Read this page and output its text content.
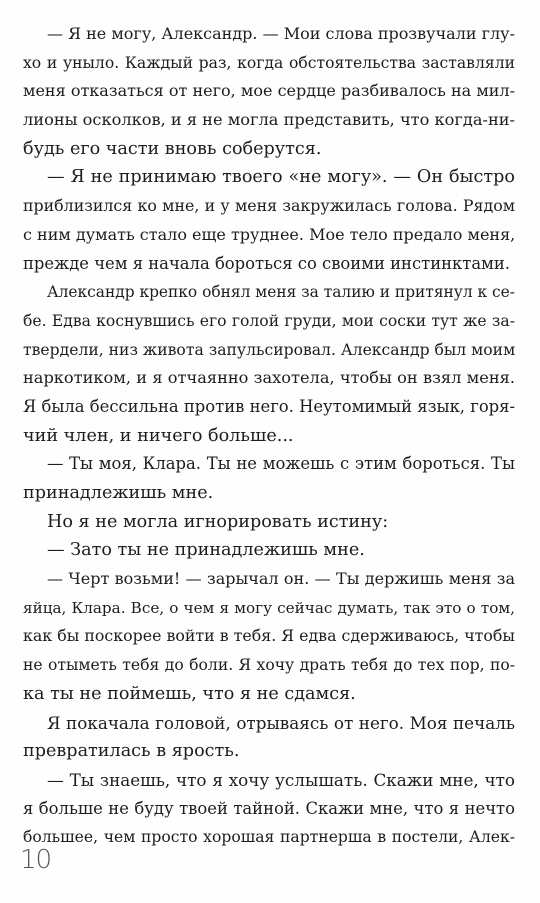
— Я не могу, Александр. — Мои слова прозвучали глу-
хо и уныло. Каждый раз, когда обстоятельства заставляли
меня отказаться от него, мое сердце разбивалось на мил-
лионы осколков, и я не могла представить, что когда-ни-
будь его части вновь соберутся.
— Я не принимаю твоего «не могу». — Он быстро
приблизился ко мне, и у меня закружилась голова. Рядом
с ним думать стало еще труднее. Мое тело предало меня,
прежде чем я начала бороться со своими инстинктами.
Александр крепко обнял меня за талию и притянул к се-
бе. Едва коснувшись его голой груди, мои соски тут же за-
твердели, низ живота запульсировал. Александр был моим
наркотиком, и я отчаянно захотела, чтобы он взял меня.
Я была бессильна против него. Неутомимый язык, горя-
чий член, и ничего больше...
— Ты моя, Клара. Ты не можешь с этим бороться. Ты
принадлежишь мне.
Но я не могла игнорировать истину:
— Зато ты не принадлежишь мне.
— Черт возьми! — зарычал он. — Ты держишь меня за
яйца, Клара. Все, о чем я могу сейчас думать, так это о том,
как бы поскорее войти в тебя. Я едва сдерживаюсь, чтобы
не отыметь тебя до боли. Я хочу драть тебя до тех пор, по-
ка ты не поймешь, что я не сдамся.
Я покачала головой, отрываясь от него. Моя печаль
превратилась в ярость.
— Ты знаешь, что я хочу услышать. Скажи мне, что
я больше не буду твоей тайной. Скажи мне, что я нечто
большее, чем просто хорошая партнерша в постели, Алек-
10
